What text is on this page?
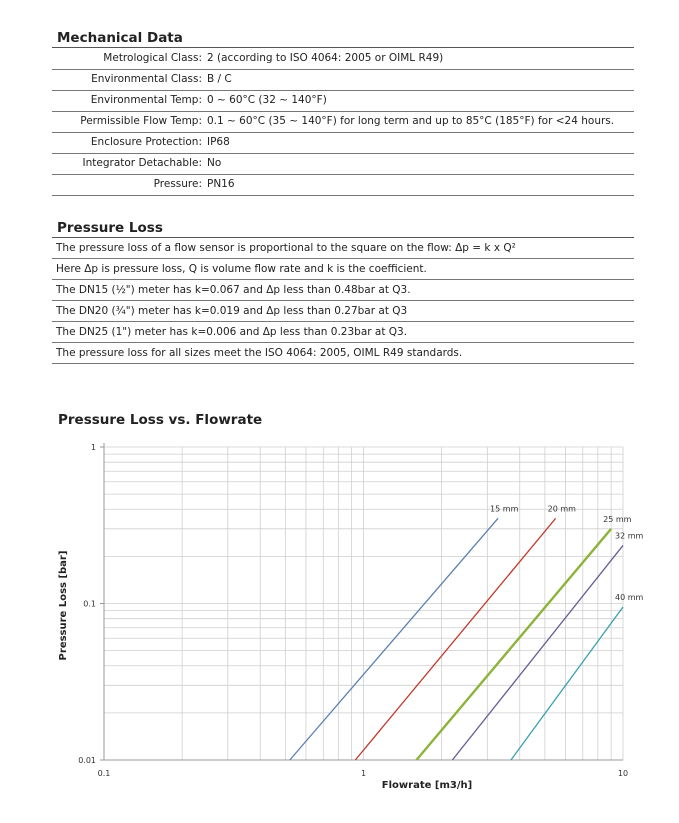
Mechanical Data
Metrological Class: 2 (according to ISO 4064: 2005 or OIML R49)
Environmental Class: B / C
Environmental Temp: 0 ~ 60°C (32 ~ 140°F)
Permissible Flow Temp: 0.1 ~ 60°C (35 ~ 140°F) for long term and up to 85°C (185°F) for <24 hours.
Enclosure Protection: IP68
Integrator Detachable: No
Pressure: PN16
Pressure Loss
The pressure loss of a flow sensor is proportional to the square on the flow: Δp = k x Q²
Here Δp is pressure loss, Q is volume flow rate and k is the coefficient.
The DN15 (½") meter has k=0.067 and Δp less than 0.48bar at Q3.
The DN20 (¾") meter has k=0.019 and Δp less than 0.27bar at Q3
The DN25 (1") meter has k=0.006 and Δp less than 0.23bar at Q3.
The pressure loss for all sizes meet the ISO 4064: 2005, OIML R49 standards.
Pressure Loss vs. Flowrate
0.01
0.1
1
0.1	1	10
Flowrate [m3/h]
Pressure Loss [bar]
15 mm	20 mm
25 mm
32 mm
40 mm
